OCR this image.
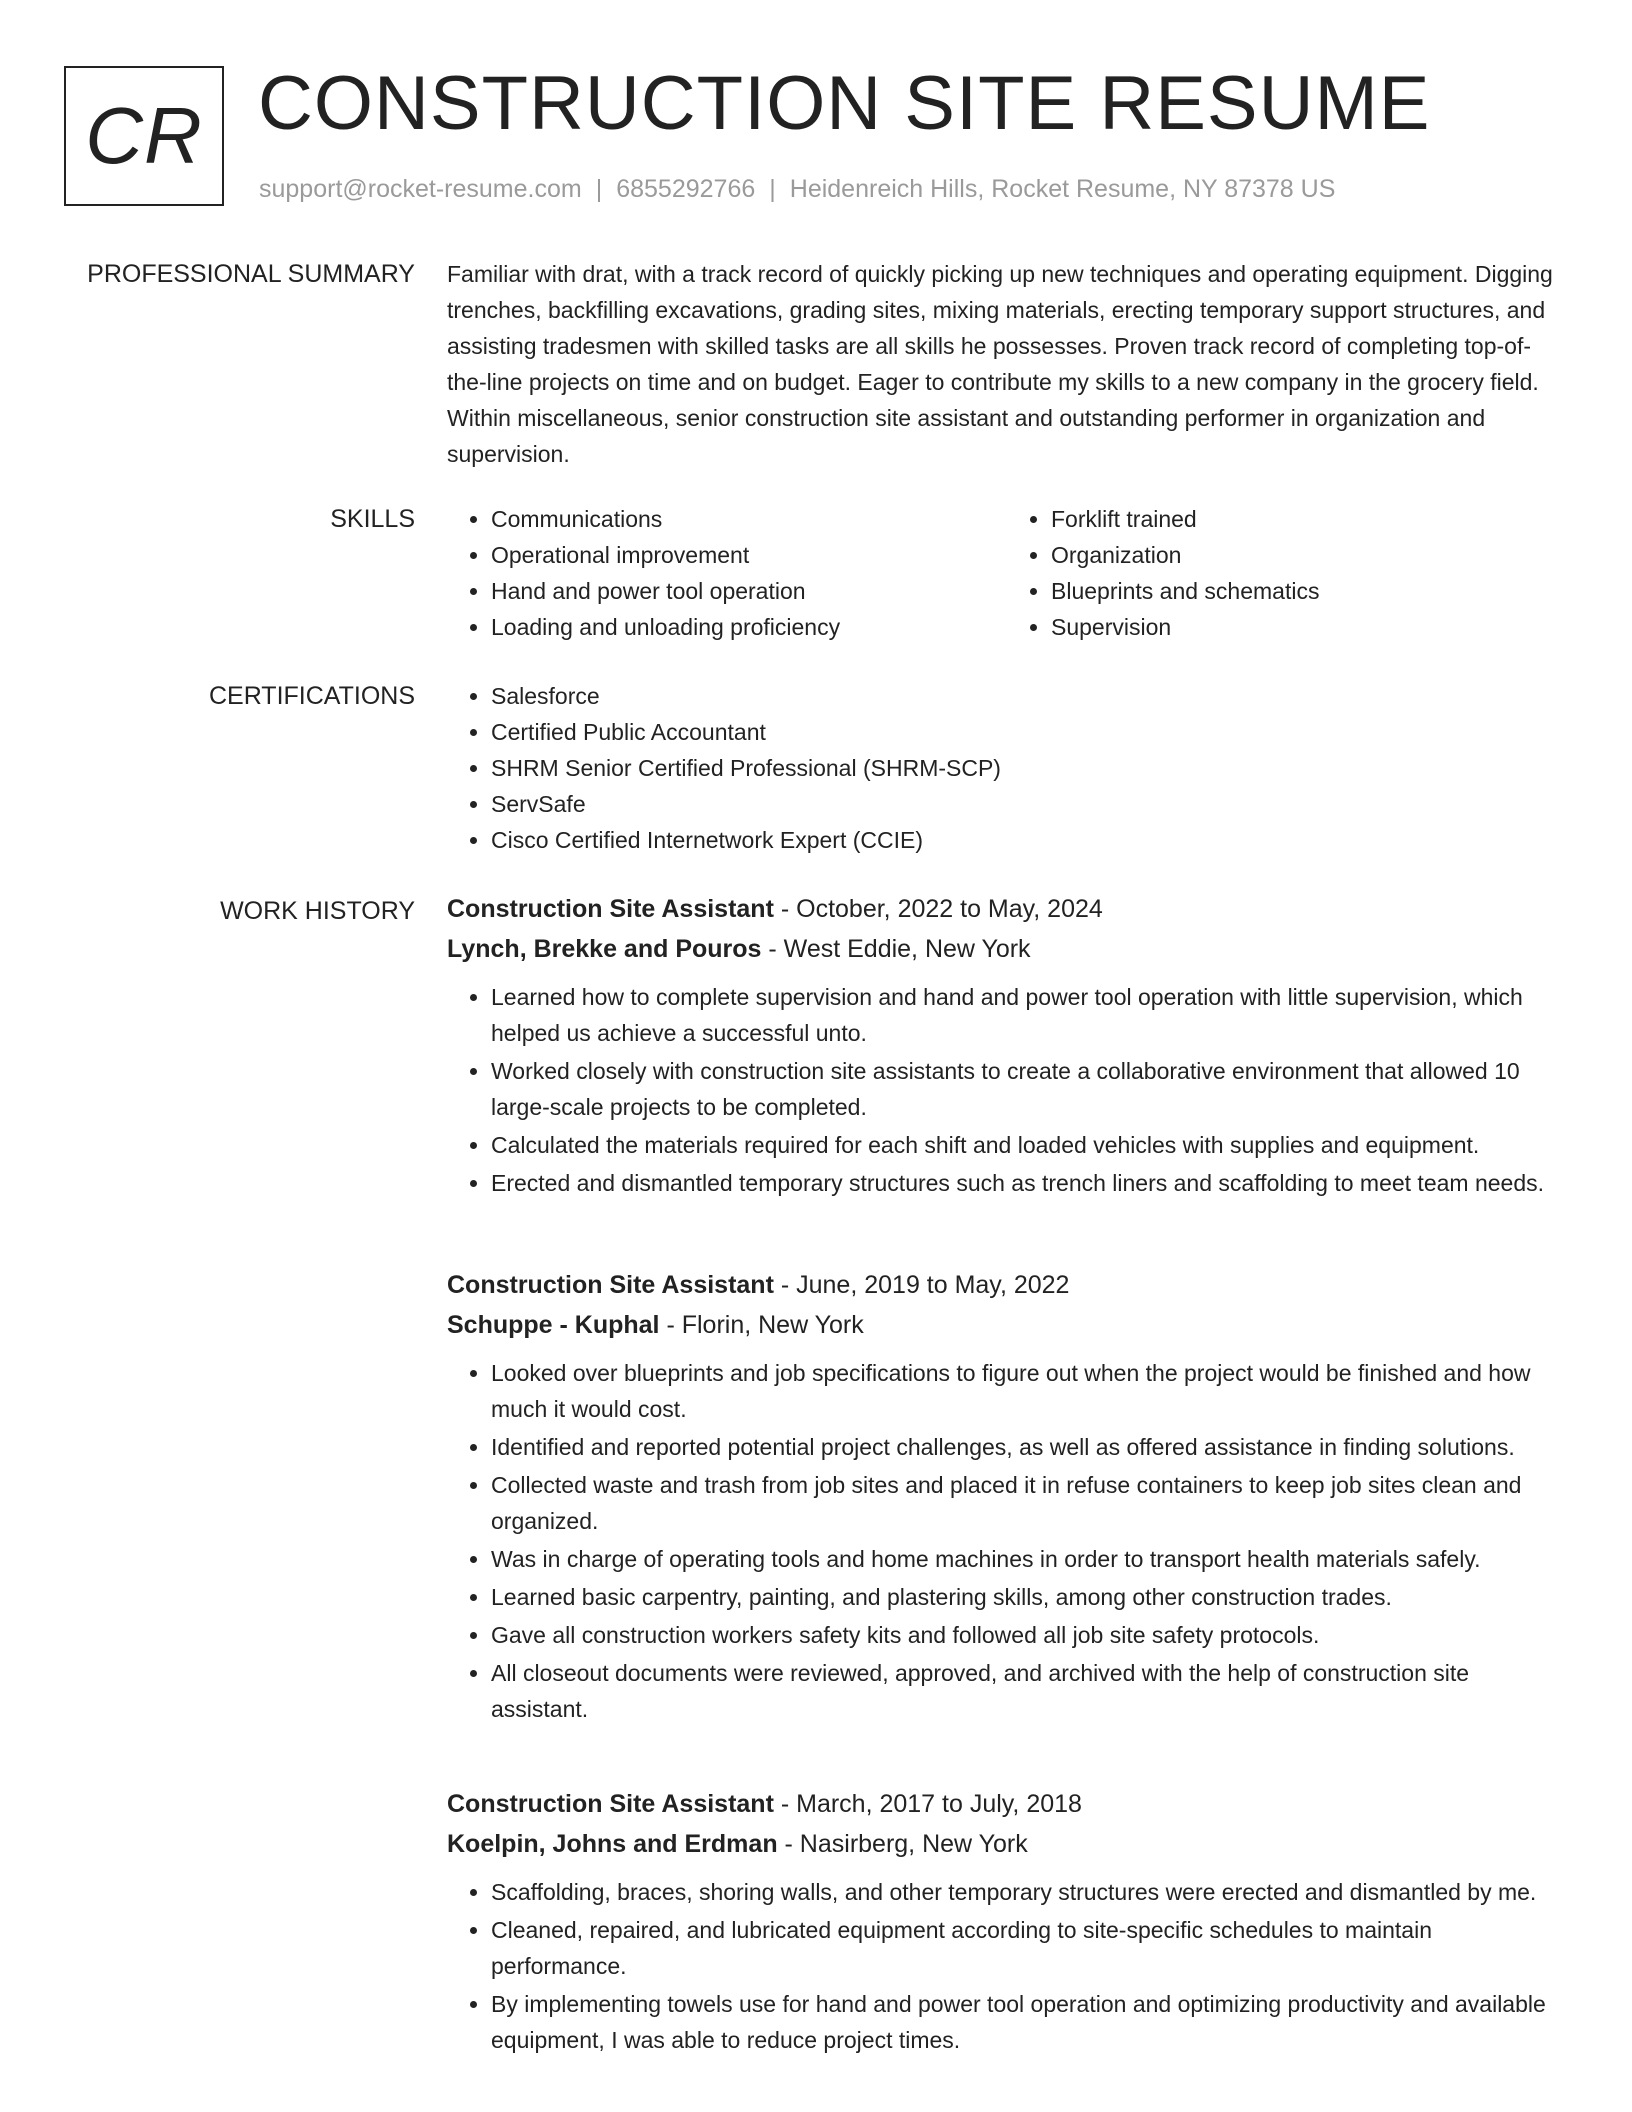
CR CONSTRUCTION SITE RESUME
support@rocket-resume.com | 6855292766 | Heidenreich Hills, Rocket Resume, NY 87378 US
PROFESSIONAL SUMMARY Familiar with drat, with a track record of quickly picking up new techniques and operating equipment. Digging trenches, backfilling excavations, grading sites, mixing materials, erecting temporary support structures, and assisting tradesmen with skilled tasks are all skills he possesses. Proven track record of completing top-of-the-line projects on time and on budget. Eager to contribute my skills to a new company in the grocery field. Within miscellaneous, senior construction site assistant and outstanding performer in organization and supervision.

SKILLS	• Communications
• Operational improvement
• Hand and power tool operation
• Loading and unloading proficiency
• Forklift trained
• Organization
• Blueprints and schematics
• Supervision
CERTIFICATIONS	• Salesforce
• Certified Public Accountant
• SHRM Senior Certified Professional (SHRM-SCP)
• ServSafe
• Cisco Certified Internetwork Expert (CCIE)
WORK HISTORY Construction Site Assistant - October, 2022 to May, 2024
Lynch, Brekke and Pouros - West Eddie, New York
• Learned how to complete supervision and hand and power tool operation with little supervision, which helped us achieve a successful unto.
• Worked closely with construction site assistants to create a collaborative environment that allowed 10 large-scale projects to be completed.
• Calculated the materials required for each shift and loaded vehicles with supplies and equipment.
• Erected and dismantled temporary structures such as trench liners and scaffolding to meet team needs.
Construction Site Assistant - June, 2019 to May, 2022
Schuppe - Kuphal - Florin, New York
• Looked over blueprints and job specifications to figure out when the project would be finished and how much it would cost.
• Identified and reported potential project challenges, as well as offered assistance in finding solutions.
• Collected waste and trash from job sites and placed it in refuse containers to keep job sites clean and organized.
• Was in charge of operating tools and home machines in order to transport health materials safely.
• Learned basic carpentry, painting, and plastering skills, among other construction trades.
• Gave all construction workers safety kits and followed all job site safety protocols.
• All closeout documents were reviewed, approved, and archived with the help of construction site assistant.
Construction Site Assistant - March, 2017 to July, 2018
Koelpin, Johns and Erdman - Nasirberg, New York
• Scaffolding, braces, shoring walls, and other temporary structures were erected and dismantled by me.
• Cleaned, repaired, and lubricated equipment according to site-specific schedules to maintain performance.
• By implementing towels use for hand and power tool operation and optimizing productivity and available equipment, I was able to reduce project times.
